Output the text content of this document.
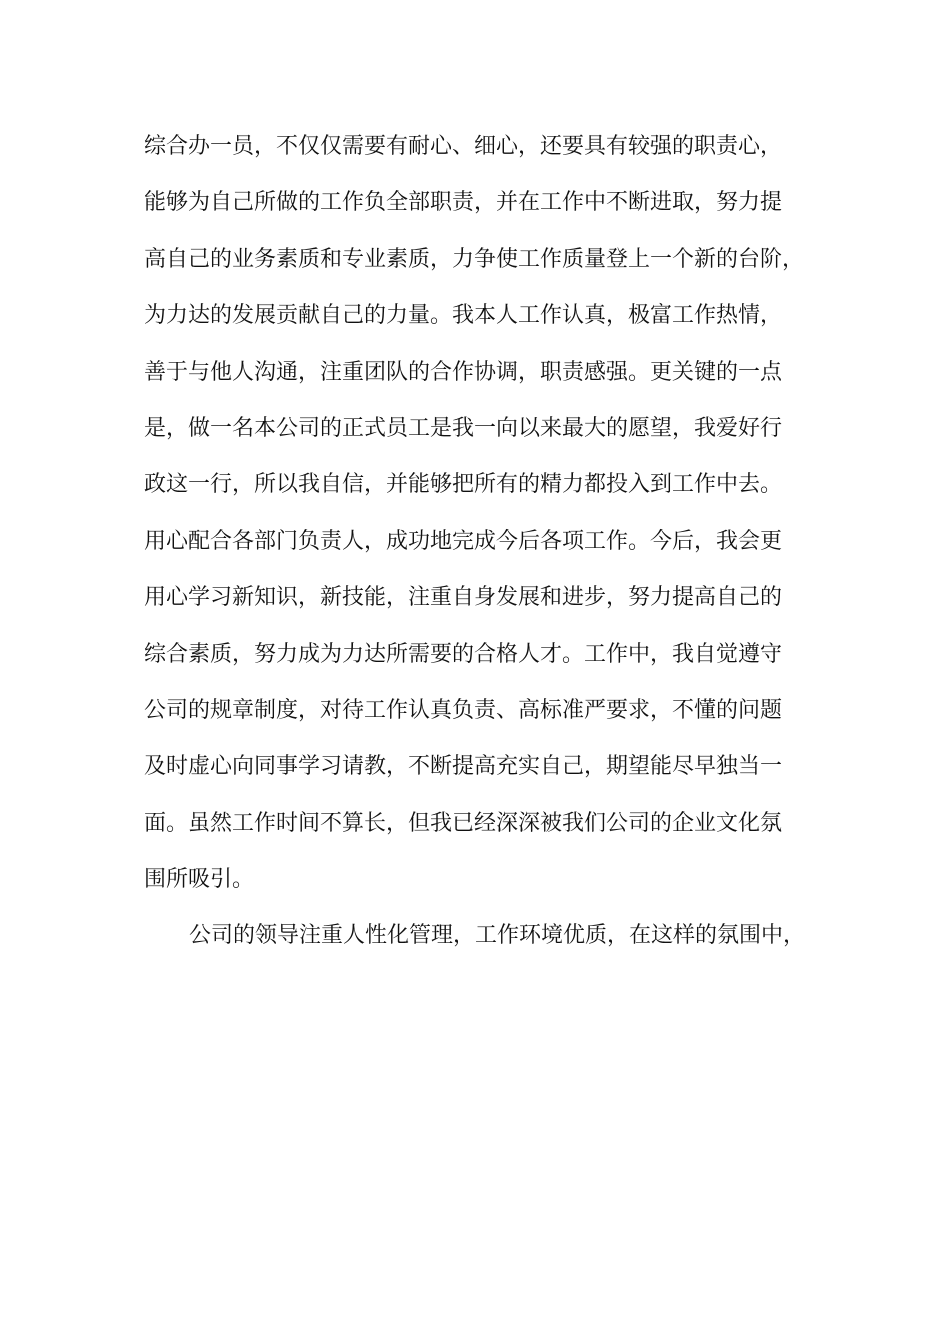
综合办一员，不仅仅需要有耐心、细心，还要具有较强的职责心，
能够为自己所做的工作负全部职责，并在工作中不断进取，努力提
高自己的业务素质和专业素质，力争使工作质量登上一个新的台阶，
为力达的发展贡献自己的力量。我本人工作认真，极富工作热情，
善于与他人沟通，注重团队的合作协调，职责感强。更关键的一点
是，做一名本公司的正式员工是我一向以来最大的愿望，我爱好行
政这一行，所以我自信，并能够把所有的精力都投入到工作中去。
用心配合各部门负责人，成功地完成今后各项工作。今后，我会更
用心学习新知识，新技能，注重自身发展和进步，努力提高自己的
综合素质，努力成为力达所需要的合格人才。工作中，我自觉遵守
公司的规章制度，对待工作认真负责、高标准严要求，不懂的问题
及时虚心向同事学习请教，不断提高充实自己，期望能尽早独当一
面。虽然工作时间不算长，但我已经深深被我们公司的企业文化氛
围所吸引。
公司的领导注重人性化管理，工作环境优质，在这样的氛围中，
